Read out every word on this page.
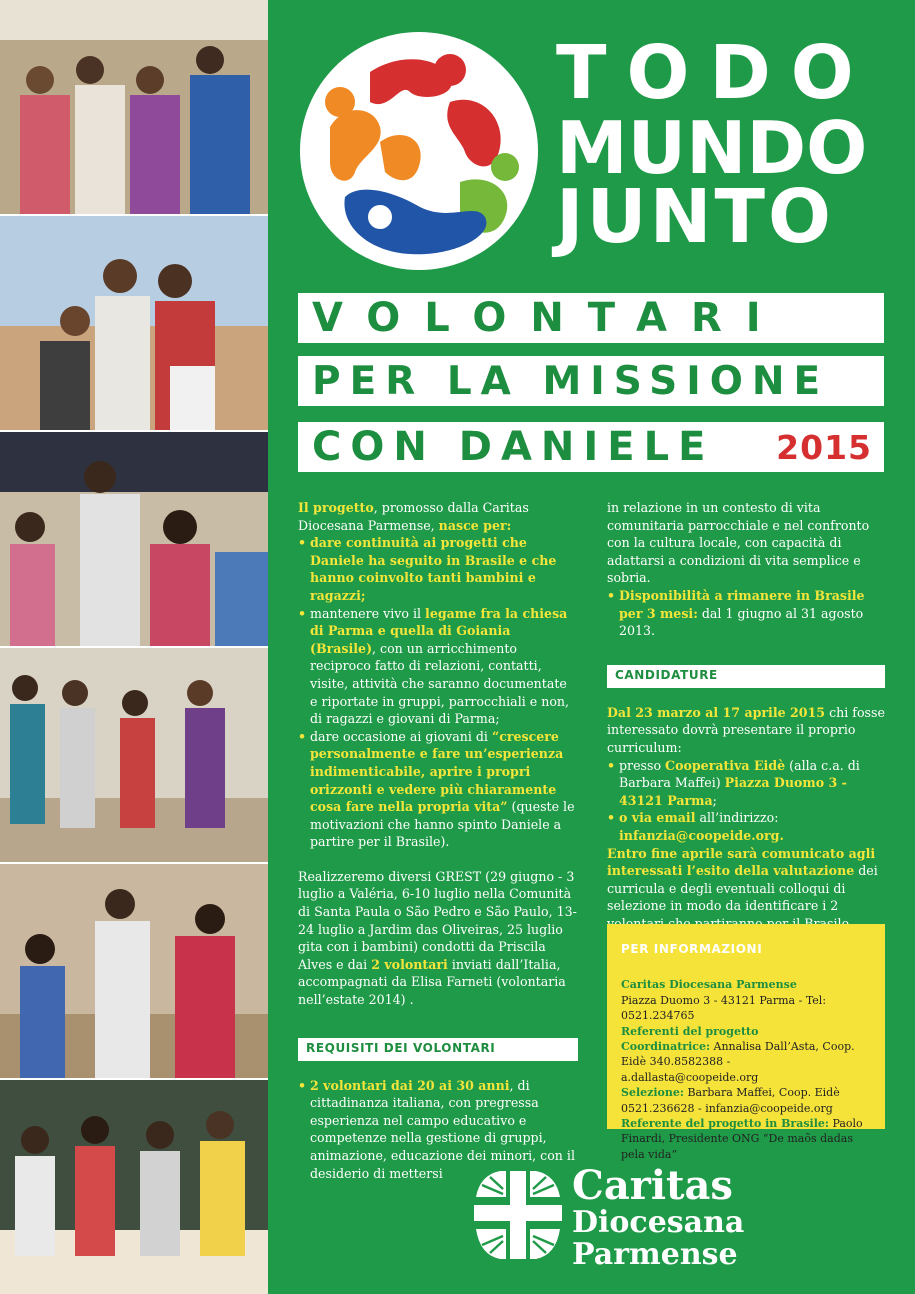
TODO
MUNDO
JUNTO
VOLONTARI
PER LA MISSIONE
CON DANIELE 2015

Il progetto, promosso dalla Caritas Diocesana Parmense, nasce per:

• dare continuità ai progetti che Daniele ha seguito in Brasile e che hanno coinvolto tanti bambini e ragazzi;
• mantenere vivo il legame fra la chiesa di Parma e quella di Goiania (Brasile), con un arricchimento reciproco fatto di relazioni, contatti, visite, attività che saranno documentate e riportate in gruppi, parrocchiali e non, di ragazzi e giovani di Parma;
• dare occasione ai giovani di “crescere personalmente e fare un’esperienza indimenticabile, aprire i propri orizzonti e vedere più chiaramente cosa fare nella propria vita” (queste le motivazioni che hanno spinto Daniele a partire per il Brasile).

Realizzeremo diversi GREST (29 giugno - 3 luglio a Valéria, 6-10 luglio nella Comunità di Santa Paula o São Pedro e São Paulo, 13-24 luglio a Jardim das Oliveiras, 25 luglio gita con i bambini) condotti da Priscila Alves e dai 2 volontari inviati dall’Italia, accompagnati da Elisa Farneti (volontaria nell’estate 2014) .

REQUISITI DEI VOLONTARI
• 2 volontari dai 20 ai 30 anni, di cittadinanza italiana, con pregressa esperienza nel campo educativo e competenze nella gestione di gruppi, animazione, educazione dei minori, con il desiderio di mettersi

in relazione in un contesto di vita comunitaria parrocchiale e nel confronto con la cultura locale, con capacità di adattarsi a condizioni di vita semplice e sobria.

• Disponibilità a rimanere in Brasile per 3 mesi: dal 1 giugno al 31 agosto 2013.
CANDIDATURE

Dal 23 marzo al 17 aprile 2015 chi fosse interessato dovrà presentare il proprio curriculum:

• presso Cooperativa Eidè (alla c.a. di Barbara Maffei) Piazza Duomo 3 - 43121 Parma;
• o via email all’indirizzo:
infanzia@coopeide.org.

Entro fine aprile sarà comunicato agli interessati l’esito della valutazione dei curricula e degli eventuali colloqui di selezione in modo da identificare i 2

PER INFORMAZIONI
Caritas Diocesana Parmense
Piazza Duomo 3 - 43121 Parma - Tel: 0521.234765
Referenti del progetto
Coordinatrice: Annalisa Dall’Asta, Coop. Eidè 340.8582388 - a.dallasta@coopeide.org
Selezione: Barbara Maffei, Coop. Eidè 0521.236628 - infanzia@coopeide.org
Referente del progetto in Brasile: Paolo Finardi, Presidente ONG “De maõs dadas pela vida”
Caritas
Diocesana
Parmense
